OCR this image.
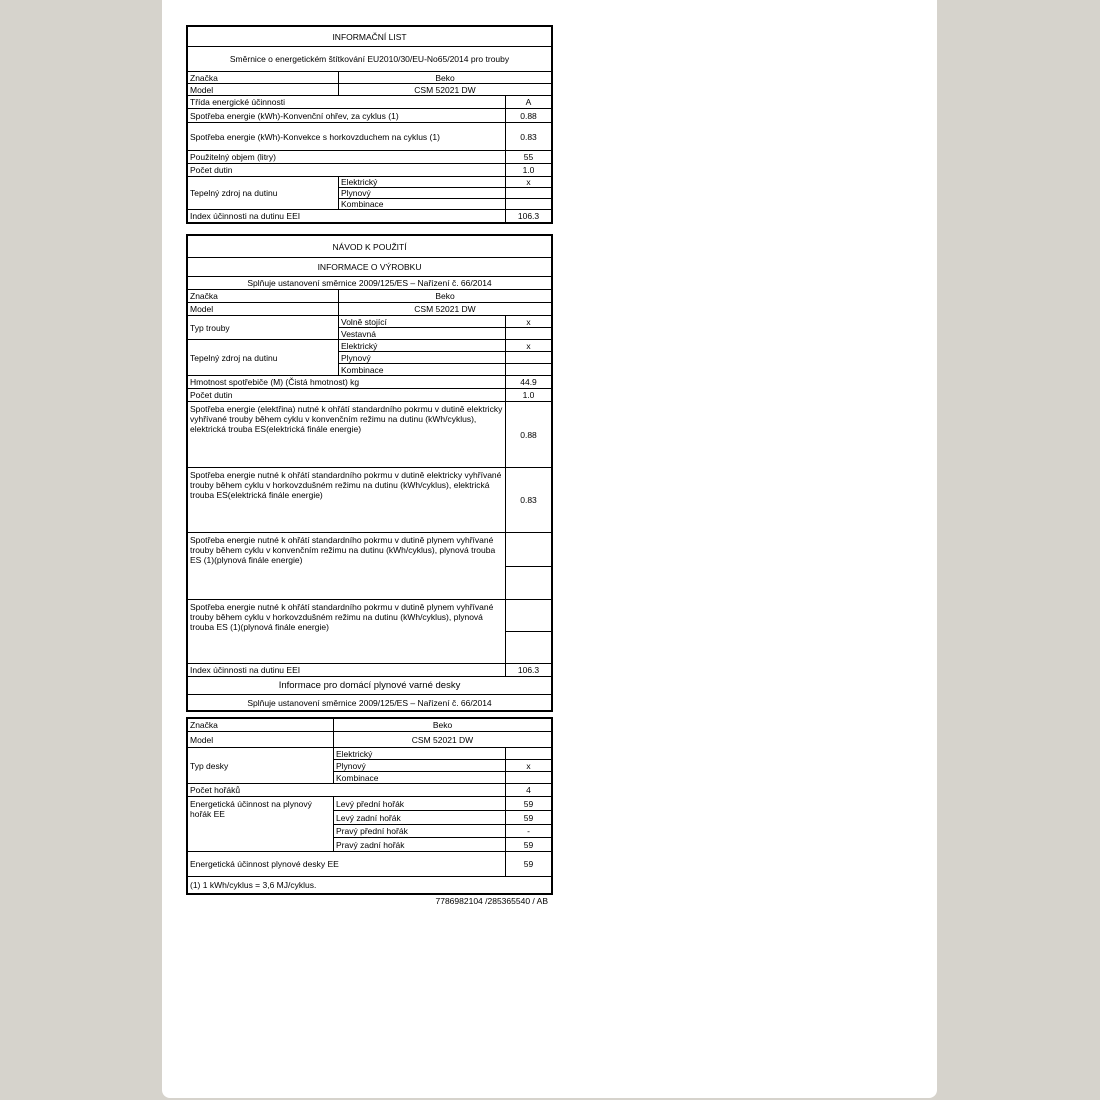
INFORMAČNÍ LIST		
Směrnice o energetickém štítkování EU2010/30/EU-No65/2014 pro trouby		
Značka	Beko	
Model	CSM 52021 DW	
Třída energické účinnosti		A
Spotřeba energie (kWh)-Konvenční ohřev, za cyklus (1)		0.88
Spotřeba energie (kWh)-Konvekce s horkovzduchem na cyklus (1)		0.83
Použitelný objem (litry)		55
Počet dutin		1.0
Tepelný zdroj na dutinu	Elektrický	x
	Plynový	
	Kombinace	
Index účinnosti na dutinu EEI		106.3
NÁVOD K POUŽITÍ		
INFORMACE O VÝROBKU		
Splňuje ustanovení směrnice 2009/125/ES – Nařízení č. 66/2014		
Značka	Beko	
Model	CSM 52021 DW	
Typ trouby	Volně stojící	x
	Vestavná	
Tepelný zdroj na dutinu	Elektrický	x
	Plynový	
	Kombinace	
Hmotnost spotřebiče (M) (Čistá hmotnost) kg		44.9
Počet dutin		1.0
Spotřeba energie (elektřina) nutné k ohřátí standardního pokrmu v dutině elektricky vyhřívané trouby během cyklu v konvenčním režimu na dutinu (kWh/cyklus), elektrická trouba ES(elektrická finále energie)		0.88
Spotřeba energie nutné k ohřátí standardního pokrmu v dutině elektricky vyhřívané trouby během cyklu v horkovzdušném režimu na dutinu (kWh/cyklus), elektrická trouba ES(elektrická finále energie)		0.83
Spotřeba energie nutné k ohřátí standardního pokrmu v dutině plynem vyhřívané trouby během cyklu v konvenčním režimu na dutinu (kWh/cyklus), plynová trouba ES (1)(plynová finále energie)		

Spotřeba energie nutné k ohřátí standardního pokrmu v dutině plynem vyhřívané trouby během cyklu v horkovzdušném režimu na dutinu (kWh/cyklus), plynová trouba ES (1)(plynová finále energie)		

Index účinnosti na dutinu EEI		106.3
Informace pro domácí plynové varné desky		
Splňuje ustanovení směrnice 2009/125/ES – Nařízení č. 66/2014		
Značka	Beko	
Model	CSM 52021 DW	
Typ desky	Elektrický	
	Plynový	x
	Kombinace	
Počet hořáků		4
Energetická účinnost na plynový hořák EE	Levý přední hořák	59
	Levý zadní hořák	59
	Pravý přední hořák	-
	Pravý zadní hořák	59
Energetická účinnost plynové desky EE		59
(1) 1 kWh/cyklus = 3,6 MJ/cyklus.		
7786982104 /285365540 / AB
